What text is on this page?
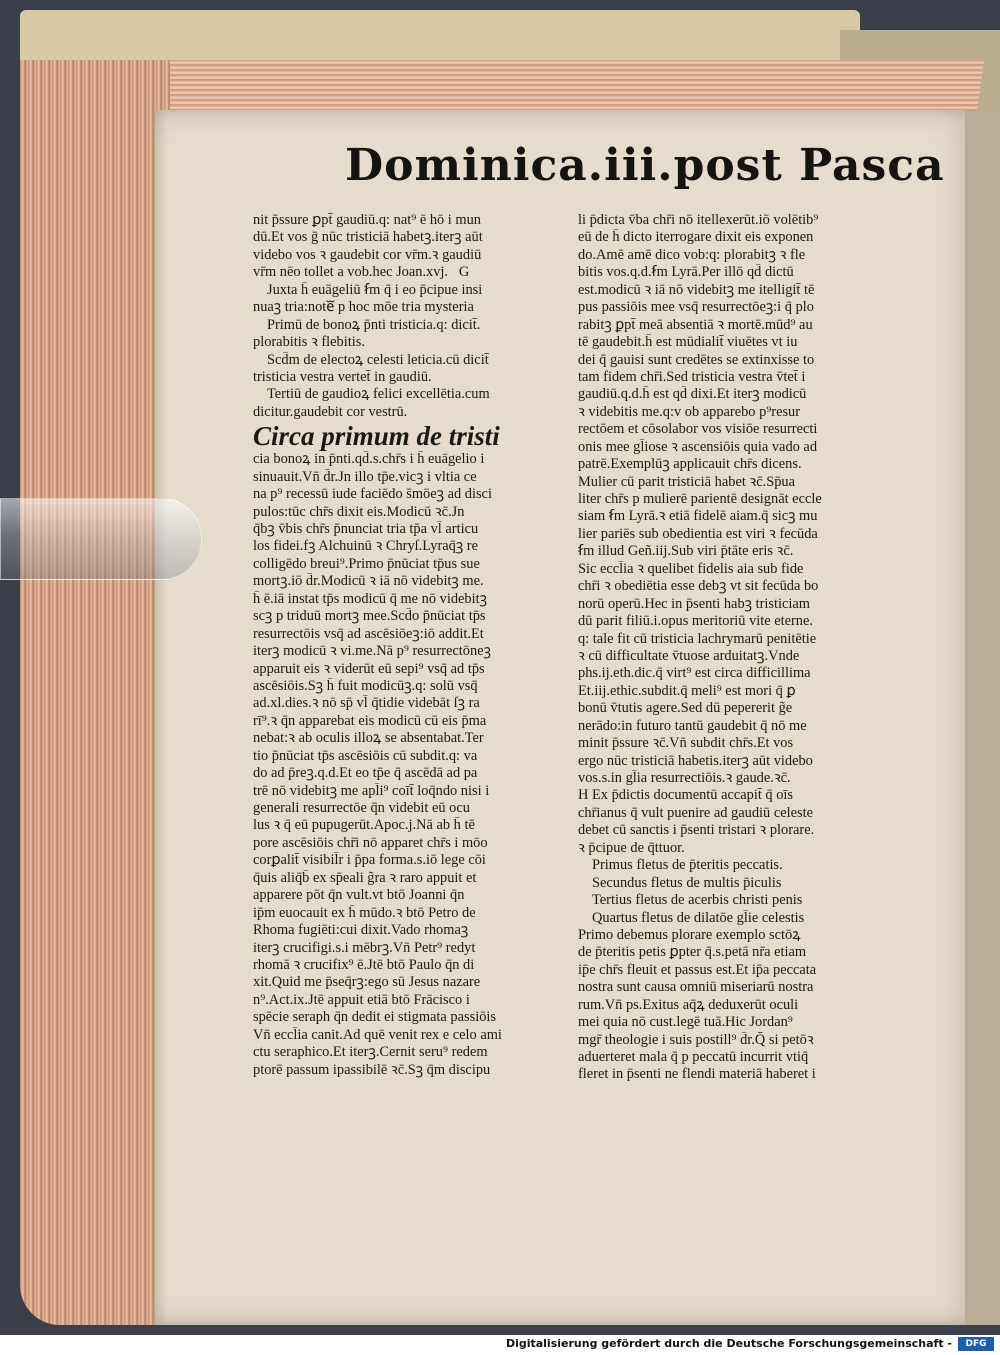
Dominica.iii.post Pasca
nit p̄ssure ꝑpt̄ gaudiū.q: nat⁹ ē hō i mun
dū.Et vos ḡ nūc tristiciā habetꝫ.iterꝫ aūt
videbo vos ꝛ gaudebit cor vr̄m.ꝛ gaudiū
vr̄m nēo tollet a vob.hec Joan.xvj.   G
Juxta h̄ euāgeliū ẜm q̄ i eo p̄cipue insi
nuaꝫ tria:noteᷓ p hoc mōe tria mysteria
Primū de bonoꝝ p̄nti tristicia.q: dicit̄.
plorabitis ꝛ flebitis.
Scd̄m de electoꝝ celesti leticia.cū dicit̄
tristicia vestra vertet̄ in gaudiū.
Tertiū de gaudioꝝ felici excellētia.cum
dicitur.gaudebit cor vestrū.
Circa primum de tristi
cia bonoꝝ in p̄nti.qd̄.s.chr̄s i h̄ euāgelio i
sinuauit.Vn̄ d̄r.Jn illo tp̄e.vicꝫ i vltia ce
na p⁹ recessū iude faciēdo s̄mōeꝫ ad disci
pulos:tūc chr̄s dixit eis.Modicū ꝛc̄.Jn
q̄bꝫ v̄bis chr̄s p̄nunciat tria tp̄a vl̄ articu
los fidei.fꝫ Alchuinū ꝛ Chryſ.Lyraq̄ꝫ re
colligēdo breui⁹.Primo p̄nūciat tp̄us sue
mortꝫ.iō d̄r.Modicū ꝛ iā nō videbitꝫ me.
h̄ ē.iā instat tp̄s modicū q̄ me nō videbitꝫ
scꝫ p triduū mortꝫ mee.Scd̄o p̄nūciat tp̄s
resurrectōis vsq̄ ad ascēsiōeꝫ:iō addit.Et
iterꝫ modicū ꝛ vi.me.Nā p⁹ resurrectōneꝫ
apparuit eis ꝛ viderūt eū sepi⁹ vsq̄ ad tp̄s
ascēsiōis.Sꝫ h̄ fuit modicūꝫ.q: solū vsq̄
ad.xl.dies.ꝛ nō sp̄ vl̄ q̄tidie videbāt ſꝫ ra
rī⁹.ꝛ q̄n apparebat eis modicū cū eis p̄ma
nebat:ꝛ ab oculis illoꝝ se absentabat.Ter
tio p̄nūciat tp̄s ascēsiōis cū subdit.q: va
do ad p̄reꝫ.q.d.Et eo tp̄e q̄ ascēdā ad pa
trē nō videbitꝫ me apl̄i⁹ coīt̄ loq̄ndo nisi i
generali resurrectōe q̄n videbit eū ocu
lus ꝛ q̄ eū pupugerūt.Apoc.j.Nā ab h̄ tē
pore ascēsiōis chr̄i nō apparet chr̄s i mōo
corꝑalit̄ visibil̄r i p̄pa forma.s.iō lege cōi
q̄uis aliq̄b̄ ex sp̄eali g̃ra ꝛ raro appuit et
apparere pōt q̄n vult.vt btō Joanni q̄n
ip̄m euocauit ex h̄ mūdo.ꝛ btō Petro de
Rhoma fugiēti:cui dixit.Vado rhomaꝫ
iterꝫ crucifigi.s.i mēbrꝫ.Vn̄ Petr⁹ redyt
rhomā ꝛ crucifix⁹ ē.Jtē btō Paulo q̄n di
xit.Quid me p̄seq̄rꝫ:ego sū Jesus nazare
n⁹.Act.ix.Jtē appuit etiā btō Frācisco i
spēcie seraph q̄n dedit ei stigmata passiōis
Vn̄ eccl̄ia canit.Ad quē venit rex e celo ami
ctu seraphico.Et iterꝫ.Cernit seru⁹ redem
ptorē passum ipassibilē ꝛc̄.Sꝫ q̄m discipu
li p̄dicta v̄ba chr̄i nō itellexerūt.iō volētib⁹
eū de h̄ dicto iterrogare dixit eis exponen
do.Amē amē dico vob:q: plorabitꝫ ꝛ fle
bitis vos.q.d.ẜm Lyrā.Per illō qd̄ dictū
est.modicū ꝛ iā nō videbitꝫ me itelligit̄ tē
pus passiōis mee vsq̄ resurrectōeꝫ:i q̄ plo
rabitꝫ ꝑpt̄ meā absentiā ꝛ mortē.mūd⁹ au
tē gaudebit.h̄ est mūdialit̄ viuētes vt iu
dei q̄ gauisi sunt credētes se extinxisse to
tam fidem chr̄i.Sed tristicia vestra v̄tet̄ i
gaudiū.q.d.h̄ est qd̄ dixi.Et iterꝫ modicū
ꝛ videbitis me.q:v ob apparebo p⁹resur
rectōem et cōsolabor vos visiōe resurrecti
onis mee gl̄iose ꝛ ascensiōis quia vado ad
patrē.Exemplūꝫ applicauit chr̄s dicens.
Mulier cū parit tristiciā habet ꝛc̄.Sp̄ua
liter chr̄s p mulierē parientē designāt eccle
siam ẜm Lyrā.ꝛ etiā fidelē aiam.q̄ sicꝫ mu
lier pariēs sub obedientia est viri ꝛ fecūda
ẜm illud Geñ.iij.Sub viri p̄tāte eris ꝛc̄.
Sic eccl̄ia ꝛ quelibet fidelis aia sub fide
chr̄i ꝛ obediētia esse debꝫ vt sit fecūda bo
norū operū.Hec in p̄senti habꝫ tristiciam
dū parit filiū.i.opus meritoriū vite eterne.
q: tale fit cū tristicia lachrymarū penitētie
ꝛ cū difficultate v̄tuose arduitatꝫ.Vnde
phs.ij.eth.dic.q̄ virt⁹ est circa difficillima
Et.iij.ethic.subdit.q̄ meli⁹ est mori q̄ ꝑ
bonū v̄tutis agere.Sed dū pepererit g̃e
nerādo:in futuro tantū gaudebit q̄ nō me
minit p̄ssure ꝛc̄.Vn̄ subdit chr̄s.Et vos
ergo nūc tristiciā habetis.iterꝫ aūt videbo
vos.s.in gl̄ia resurrectiōis.ꝛ gaude.ꝛc̄.
H Ex p̄dictis documentū accapit̄ q̄ oīs
chr̄ianus q̄ vult puenire ad gaudiū celeste
debet cū sanctis i p̄senti tristari ꝛ plorare.
ꝛ p̄cipue de q̄ttuor.
Primus fletus de p̄teritis peccatis.
Secundus fletus de multis p̄iculis
Tertius fletus de acerbis christi penis
Quartus fletus de dilatōe gl̄ie celestis
Primo debemus plorare exemplo sctōꝝ
de p̄teritis petis ꝑpter q̄.s.petā nr̄a etiam
ip̄e chr̄s fleuit et passus est.Et ip̄a peccata
nostra sunt causa omniū miseriarū nostra
rum.Vn̄ ps.Exitus aq̄ꝝ deduxerūt oculi
mei quia nō cust.legē tuā.Hic Jordan⁹
mgr̄ theologie i suis postill⁹ d̄r.Q̄ si petōꝛ
aduerteret mala q̄ p peccatū incurrit vtiq̄
fleret in p̄senti ne flendi materiā haberet i
Digitalisierung gefördert durch die Deutsche Forschungsgemeinschaft -	DFG
